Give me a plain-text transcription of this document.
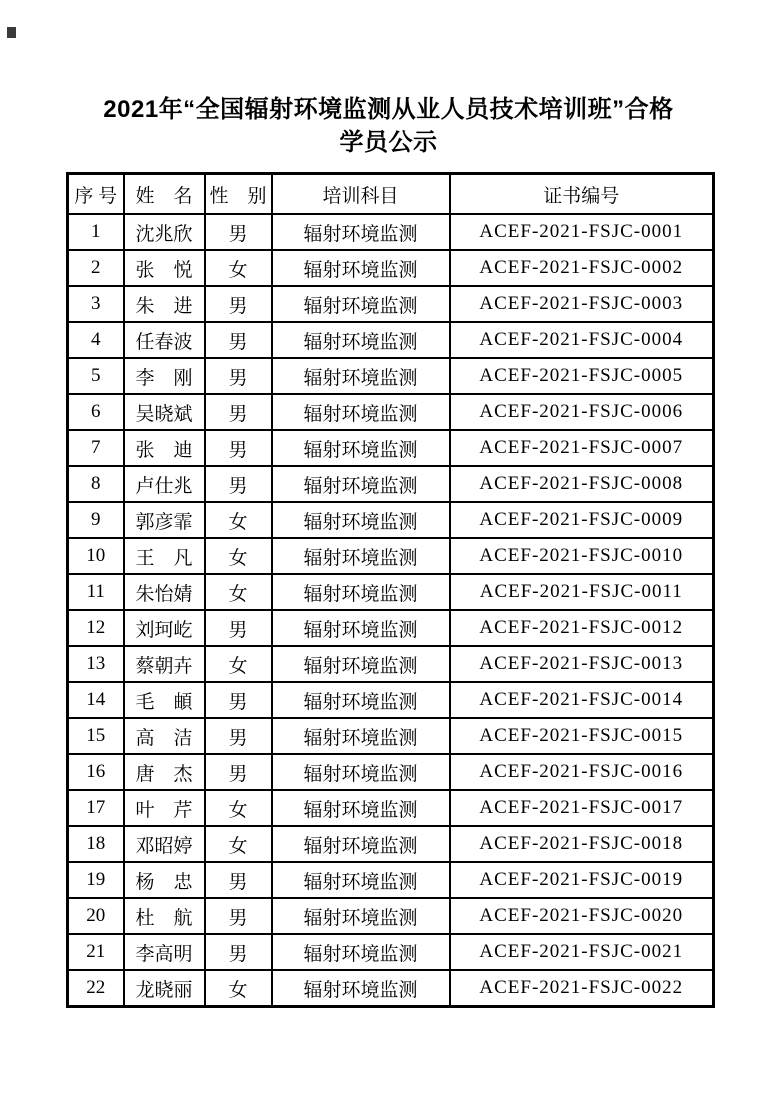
2021年“全国辐射环境监测从业人员技术培训班”合格
学员公示
序 号	姓　名	性　别	培训科目	证书编号
1	沈兆欣	男	辐射环境监测	ACEF-2021-FSJC-0001
2	张　悦	女	辐射环境监测	ACEF-2021-FSJC-0002
3	朱　进	男	辐射环境监测	ACEF-2021-FSJC-0003
4	任春波	男	辐射环境监测	ACEF-2021-FSJC-0004
5	李　刚	男	辐射环境监测	ACEF-2021-FSJC-0005
6	吴晓斌	男	辐射环境监测	ACEF-2021-FSJC-0006
7	张　迪	男	辐射环境监测	ACEF-2021-FSJC-0007
8	卢仕兆	男	辐射环境监测	ACEF-2021-FSJC-0008
9	郭彦霏	女	辐射环境监测	ACEF-2021-FSJC-0009
10	王　凡	女	辐射环境监测	ACEF-2021-FSJC-0010
11	朱怡婧	女	辐射环境监测	ACEF-2021-FSJC-0011
12	刘珂屹	男	辐射环境监测	ACEF-2021-FSJC-0012
13	蔡朝卉	女	辐射环境监测	ACEF-2021-FSJC-0013
14	毛　頔	男	辐射环境监测	ACEF-2021-FSJC-0014
15	高　洁	男	辐射环境监测	ACEF-2021-FSJC-0015
16	唐　杰	男	辐射环境监测	ACEF-2021-FSJC-0016
17	叶　芹	女	辐射环境监测	ACEF-2021-FSJC-0017
18	邓昭婷	女	辐射环境监测	ACEF-2021-FSJC-0018
19	杨　忠	男	辐射环境监测	ACEF-2021-FSJC-0019
20	杜　航	男	辐射环境监测	ACEF-2021-FSJC-0020
21	李高明	男	辐射环境监测	ACEF-2021-FSJC-0021
22	龙晓丽	女	辐射环境监测	ACEF-2021-FSJC-0022
